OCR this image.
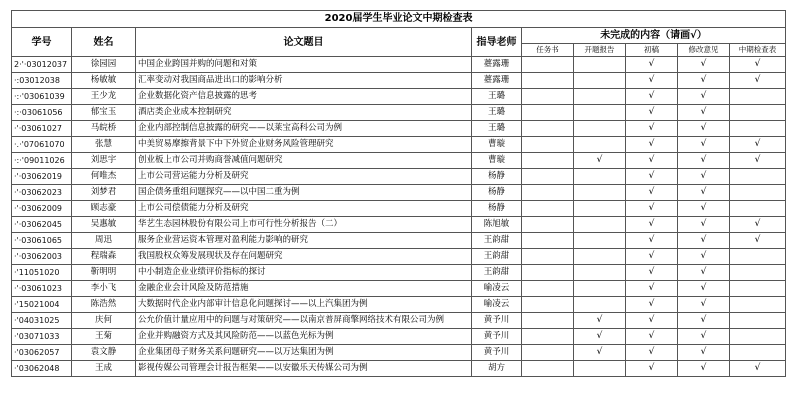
2020届学生毕业论文中期检查表								
学号	姓名	论文题目	指导老师	未完成的内容（请画√）				
				任务书	开题报告	初稿	修改意见	中期检查表
2·'·03012037	徐园园	中国企业跨国并购的问题和对策	薹露珊			√	√	√
·:03012038	杨敏敏	汇率变动对我国商品进出口的影响分析	薹露珊			√	√	√
·:·'03061039	王少龙	企业数据化资产信息披露的思考	王璐			√	√	
·:·03061056	郁宝玉	酒店类企业成本控制研究	王璐			√	√	
·'·03061027	马皖桥	企业内部控制信息披露的研究——以莱宝高科公司为例	王璐			√	√	
·.·'07061070	张慧	中美贸易摩擦背景下中下外贸企业财务风险管理研究	曹璇			√	√	√
·:·'09011026	刘思宇	创业板上市公司并购商誉减值问题研究	曹璇		√	√	√	√
·'·03062019	何唯杰	上市公司营运能力分析及研究	杨静			√	√	
·'·03062023	刘梦君	国企债务重组问题探究——以中国二重为例	杨静			√	√	
·'·03062009	顾志豪	上市公司偿债能力分析及研究	杨静			√	√	
·'·03062045	吴惠敏	华艺生态园林股份有限公司上市可行性分析报告（二）	陈旭敏			√	√	√
·'·03061065	周迅	服务企业营运资本管理对盈利能力影响的研究	王韵甜			√	√	√
·'·03062003	程瑞森	我国股权众筹发展现状及存在问题研究	王韵甜			√	√	
·'11051020	靳明明	中小制造企业业绩评价指标的探讨	王韵甜			√	√	
·'·03061023	李小飞	金融企业会计风险及防范措施	喻凌云			√	√	
·'15021004	陈浩然	大数据时代企业内部审计信息化问题探讨——以上汽集团为例	喻凌云			√	√	
·'04031025	庆何	公允价值计量应用中的问题与对策研究——以南京普屏商擎网络技术有限公司为例	黄予川		√	√	√	
·'03071033	王菊	企业并购融资方式及其风险防范——以蓝色光标为例	黄予川		√	√	√	
·'03062057	袁文静	企业集团母子财务关系问题研究——以万达集团为例	黄予川		√	√	√	
·'03062048	王成	影视传媒公司管理会计报告框架——以安徽乐天传媒公司为例	胡方			√	√	√
